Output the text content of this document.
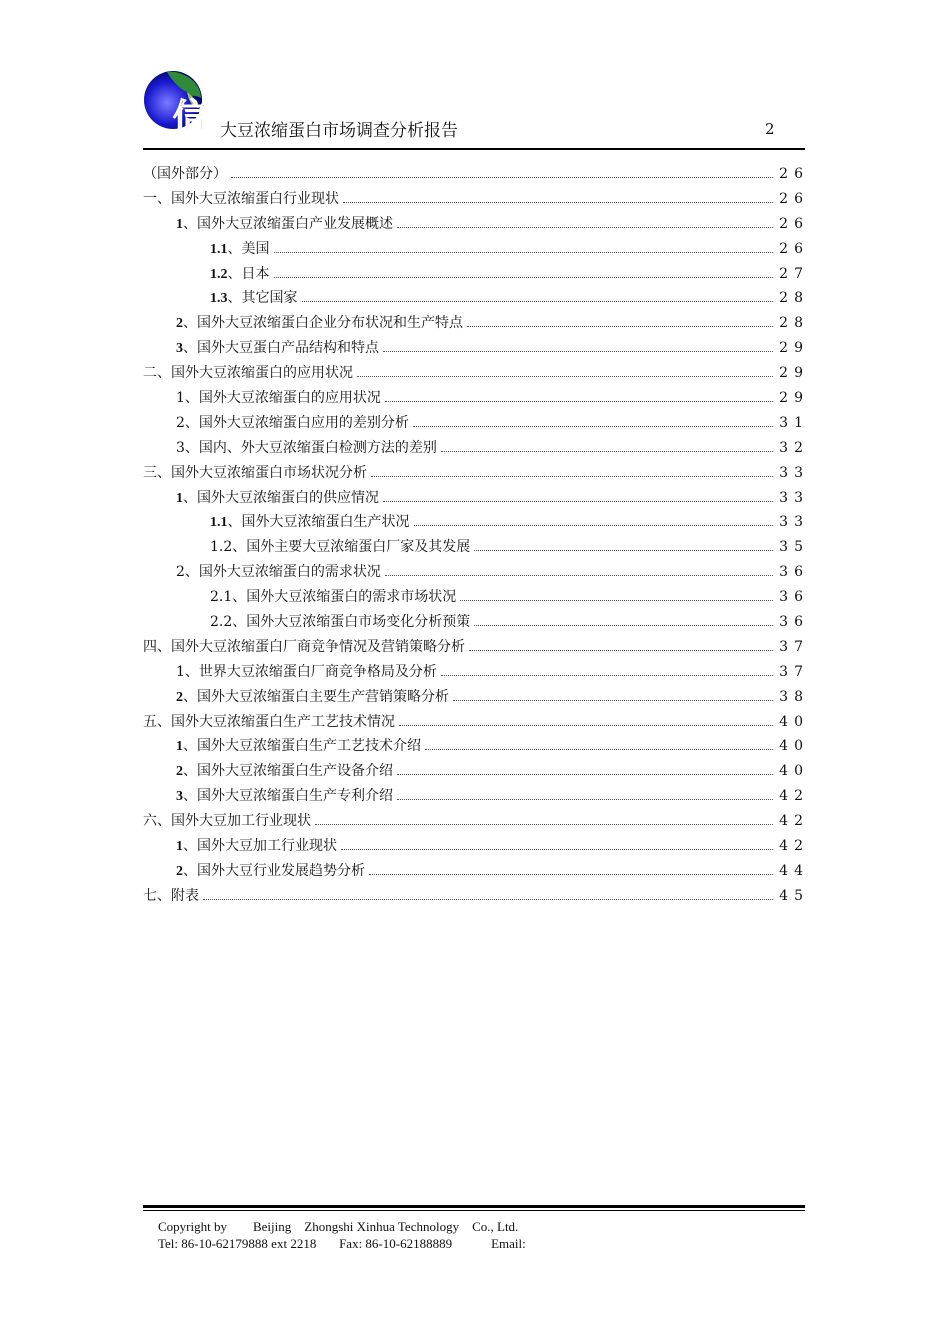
信 大豆浓缩蛋白市场调查分析报告	2
（国外部分）	26
一、国外大豆浓缩蛋白行业现状	26
1 、国外大豆浓缩蛋白产业发展概述	26
1.1 、美国	26
1.2 、日本	27
1.3 、其它国家	28
2 、国外大豆浓缩蛋白企业分布状况和生产特点	28
3 、国外大豆蛋白产品结构和特点	29
二、国外大豆浓缩蛋白的应用状况	29
1、国外大豆浓缩蛋白的应用状况	29
2、国外大豆浓缩蛋白应用的差别分析	31
3、国内、外大豆浓缩蛋白检测方法的差别	32
三、国外大豆浓缩蛋白市场状况分析	33
1 、国外大豆浓缩蛋白的供应情况	33
1.1 、国外大豆浓缩蛋白生产状况	33
1.2、国外主要大豆浓缩蛋白厂家及其发展	35
2、国外大豆浓缩蛋白的需求状况	36
2.1、国外大豆浓缩蛋白的需求市场状况	36
2.2、国外大豆浓缩蛋白市场变化分析预策	36
四、国外大豆浓缩蛋白厂商竞争情况及营销策略分析	37
1、世界大豆浓缩蛋白厂商竞争格局及分析	37
2 、国外大豆浓缩蛋白主要生产营销策略分析	38
五、国外大豆浓缩蛋白生产工艺技术情况	40
1 、国外大豆浓缩蛋白生产工艺技术介绍	40
2 、国外大豆浓缩蛋白生产设备介绍	40
3 、国外大豆浓缩蛋白生产专利介绍	42
六、国外大豆加工行业现状	42
1 、国外大豆加工行业现状	42
2 、国外大豆行业发展趋势分析	44
七、附表	45
Copyright by        Beijing    Zhongshi Xinhua Technology    Co., Ltd.
Tel: 86-10-62179888 ext 2218       Fax: 86-10-62188889            Email:
